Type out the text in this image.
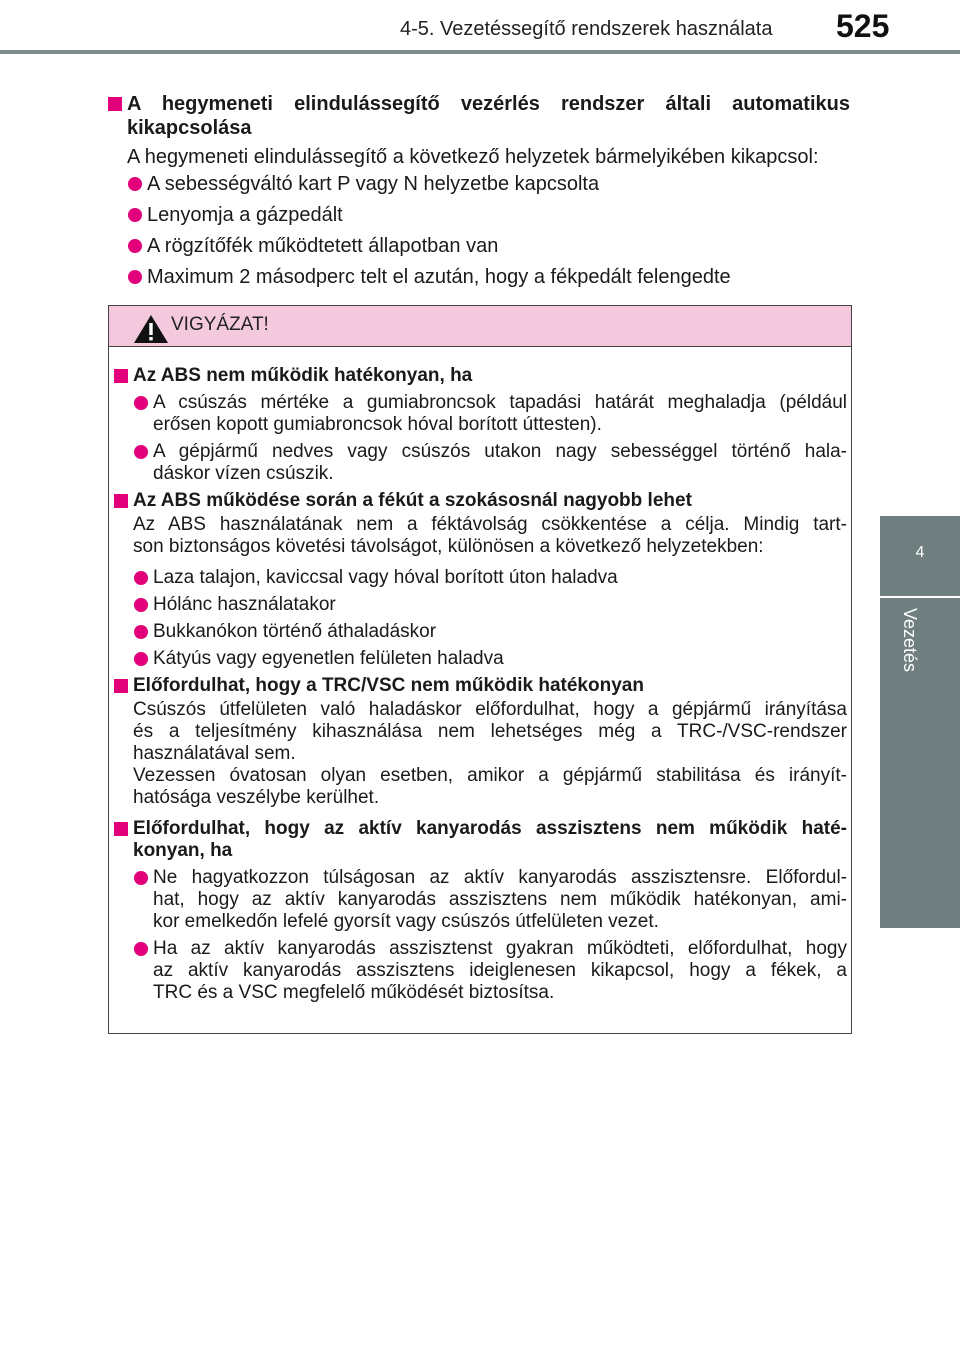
4-5. Vezetéssegítő rendszerek használata 525
4
Vezetés
A hegymeneti elindulássegítő vezérlés rendszer általi automatikus
kikapcsolása
A hegymeneti elindulássegítő a következő helyzetek bármelyikében kikapcsol:
A sebességváltó kart P vagy N helyzetbe kapcsolta
Lenyomja a gázpedált
A rögzítőfék működtetett állapotban van
Maximum 2 másodperc telt el azután, hogy a fékpedált felengedte
VIGYÁZAT!
Az ABS nem működik hatékonyan, ha
A csúszás mértéke a gumiabroncsok tapadási határát meghaladja (például
erősen kopott gumiabroncsok hóval borított úttesten).
A gépjármű nedves vagy csúszós utakon nagy sebességgel történő hala-
dáskor vízen csúszik.
Az ABS működése során a fékút a szokásosnál nagyobb lehet
Az ABS használatának nem a féktávolság csökkentése a célja. Mindig tart-
son biztonságos követési távolságot, különösen a következő helyzetekben:
Laza talajon, kaviccsal vagy hóval borított úton haladva
Hólánc használatakor
Bukkanókon történő áthaladáskor
Kátyús vagy egyenetlen felületen haladva
Előfordulhat, hogy a TRC/VSC nem működik hatékonyan
Csúszós útfelületen való haladáskor előfordulhat, hogy a gépjármű irányítása
és a teljesítmény kihasználása nem lehetséges még a TRC-/VSC-rendszer
használatával sem.
Vezessen óvatosan olyan esetben, amikor a gépjármű stabilitása és irányít-
hatósága veszélybe kerülhet.
Előfordulhat, hogy az aktív kanyarodás asszisztens nem működik haté-
konyan, ha
Ne hagyatkozzon túlságosan az aktív kanyarodás asszisztensre. Előfordul-
hat, hogy az aktív kanyarodás asszisztens nem működik hatékonyan, ami-
kor emelkedőn lefelé gyorsít vagy csúszós útfelületen vezet.
Ha az aktív kanyarodás asszisztenst gyakran működteti, előfordulhat, hogy
az aktív kanyarodás asszisztens ideiglenesen kikapcsol, hogy a fékek, a
TRC és a VSC megfelelő működését biztosítsa.
